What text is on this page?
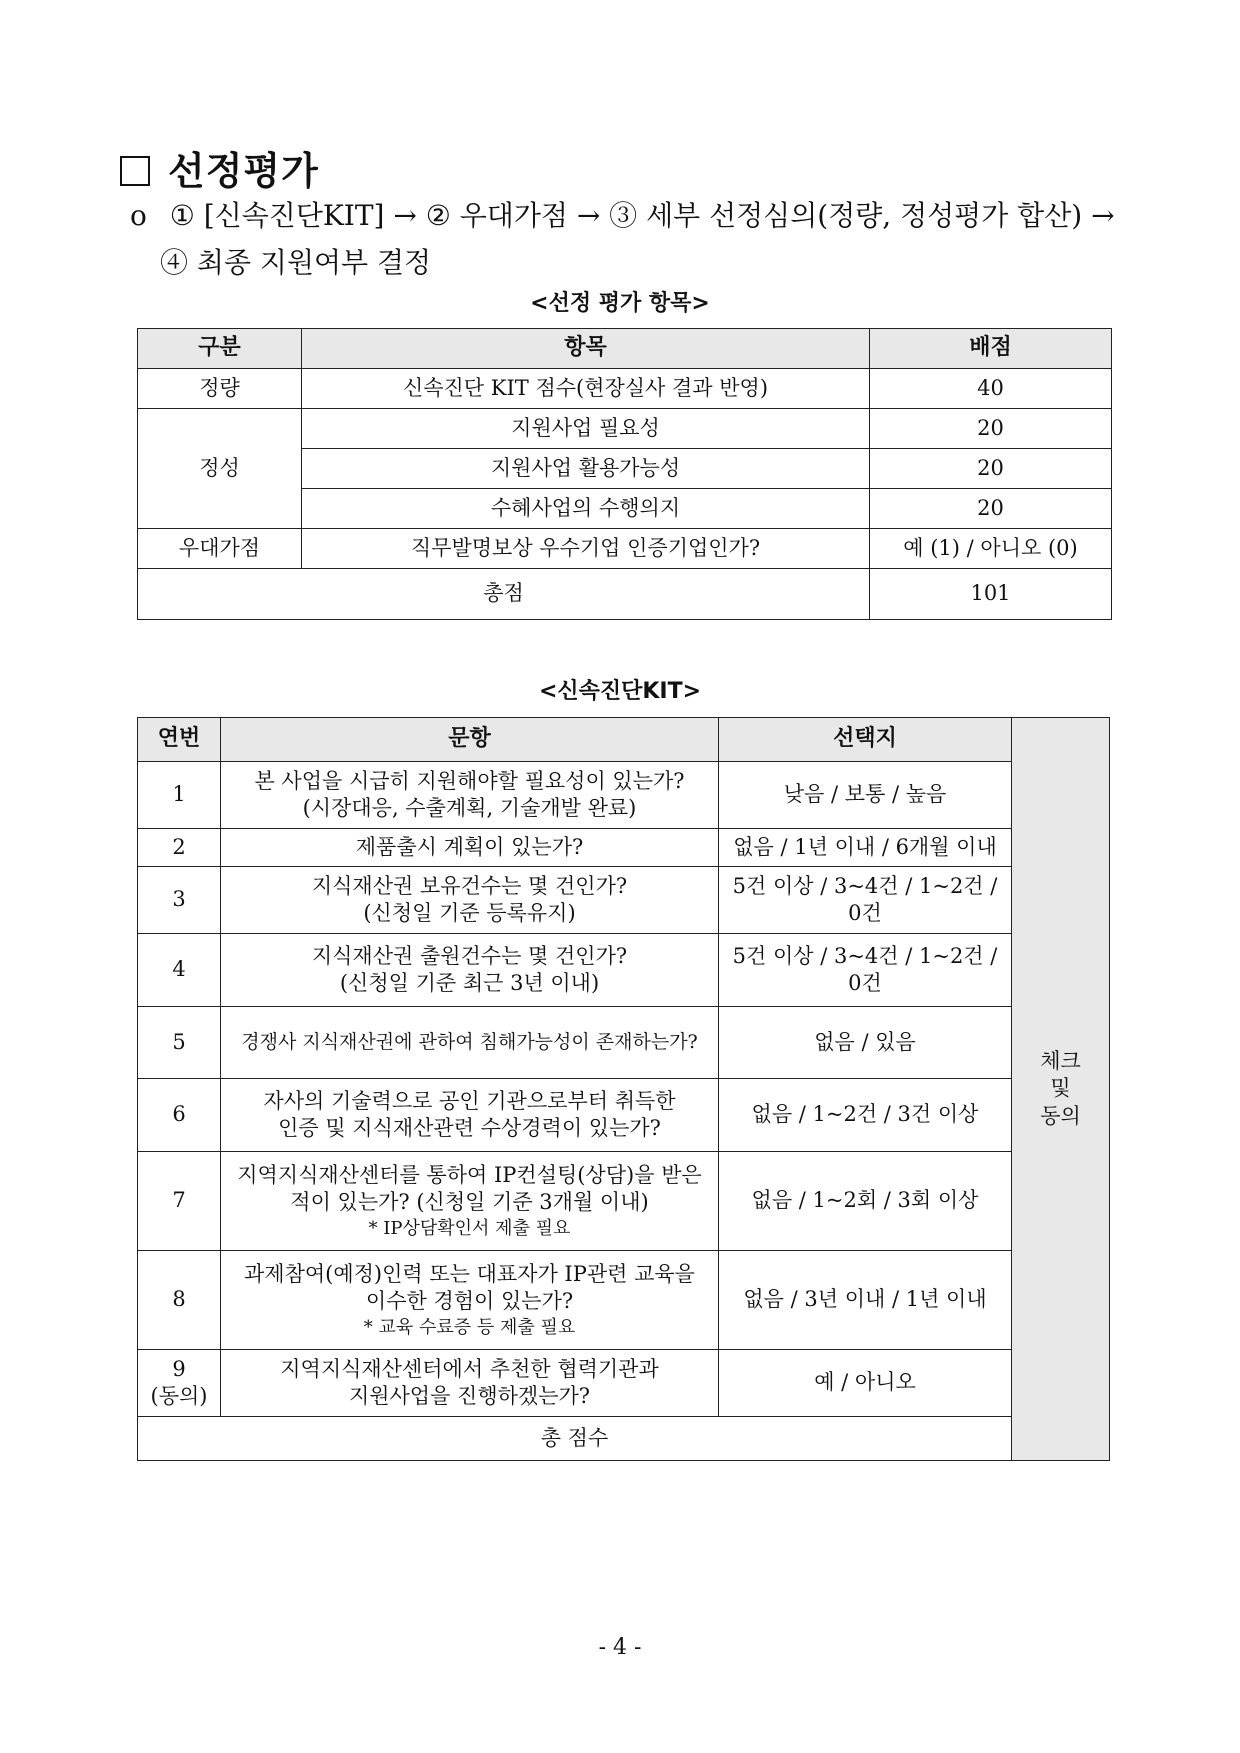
선정평가
o ① [신속진단KIT] → ② 우대가점 → ③ 세부 선정심의(정량, 정성평가 합산) →
④ 최종 지원여부 결정
<선정 평가 항목>
구분	항목	배점
정량	신속진단 KIT 점수(현장실사 결과 반영)	40
정성	지원사업 필요성	20
	지원사업 활용가능성	20
	수혜사업의 수행의지	20
우대가점	직무발명보상 우수기업 인증기업인가?	예 (1) / 아니오 (0)
총점		101
<신속진단KIT>
연번	문항	선택지	체크
및
동의

1	본 사업을 시급히 지원해야할 필요성이 있는가?
(시장대응, 수출계획, 기술개발 완료)	낮음 / 보통 / 높음	
2	제품출시 계획이 있는가?	없음 / 1년 이내 / 6개월 이내	
3	지식재산권 보유건수는 몇 건인가?
(신청일 기준 등록유지)	5건 이상 / 3~4건 / 1~2건 / 0건	
4	지식재산권 출원건수는 몇 건인가?
(신청일 기준 최근 3년 이내)	5건 이상 / 3~4건 / 1~2건 / 0건	
5	경쟁사 지식재산권에 관하여 침해가능성이 존재하는가?	없음 / 있음	
6	자사의 기술력으로 공인 기관으로부터 취득한
인증 및 지식재산관련 수상경력이 있는가?	없음 / 1~2건 / 3건 이상	
7	지역지식재산센터를 통하여 IP컨설팅(상담)을 받은
적이 있는가? (신청일 기준 3개월 이내)
* IP상담확인서 제출 필요	없음 / 1~2회 / 3회 이상	
8	과제참여(예정)인력 또는 대표자가 IP관련 교육을
이수한 경험이 있는가?
* 교육 수료증 등 제출 필요	없음 / 3년 이내 / 1년 이내	

9
(동의)	지역지식재산센터에서 추천한 협력기관과
지원사업을 진행하겠는가?	예 / 아니오	
총 점수			
- 4 -
